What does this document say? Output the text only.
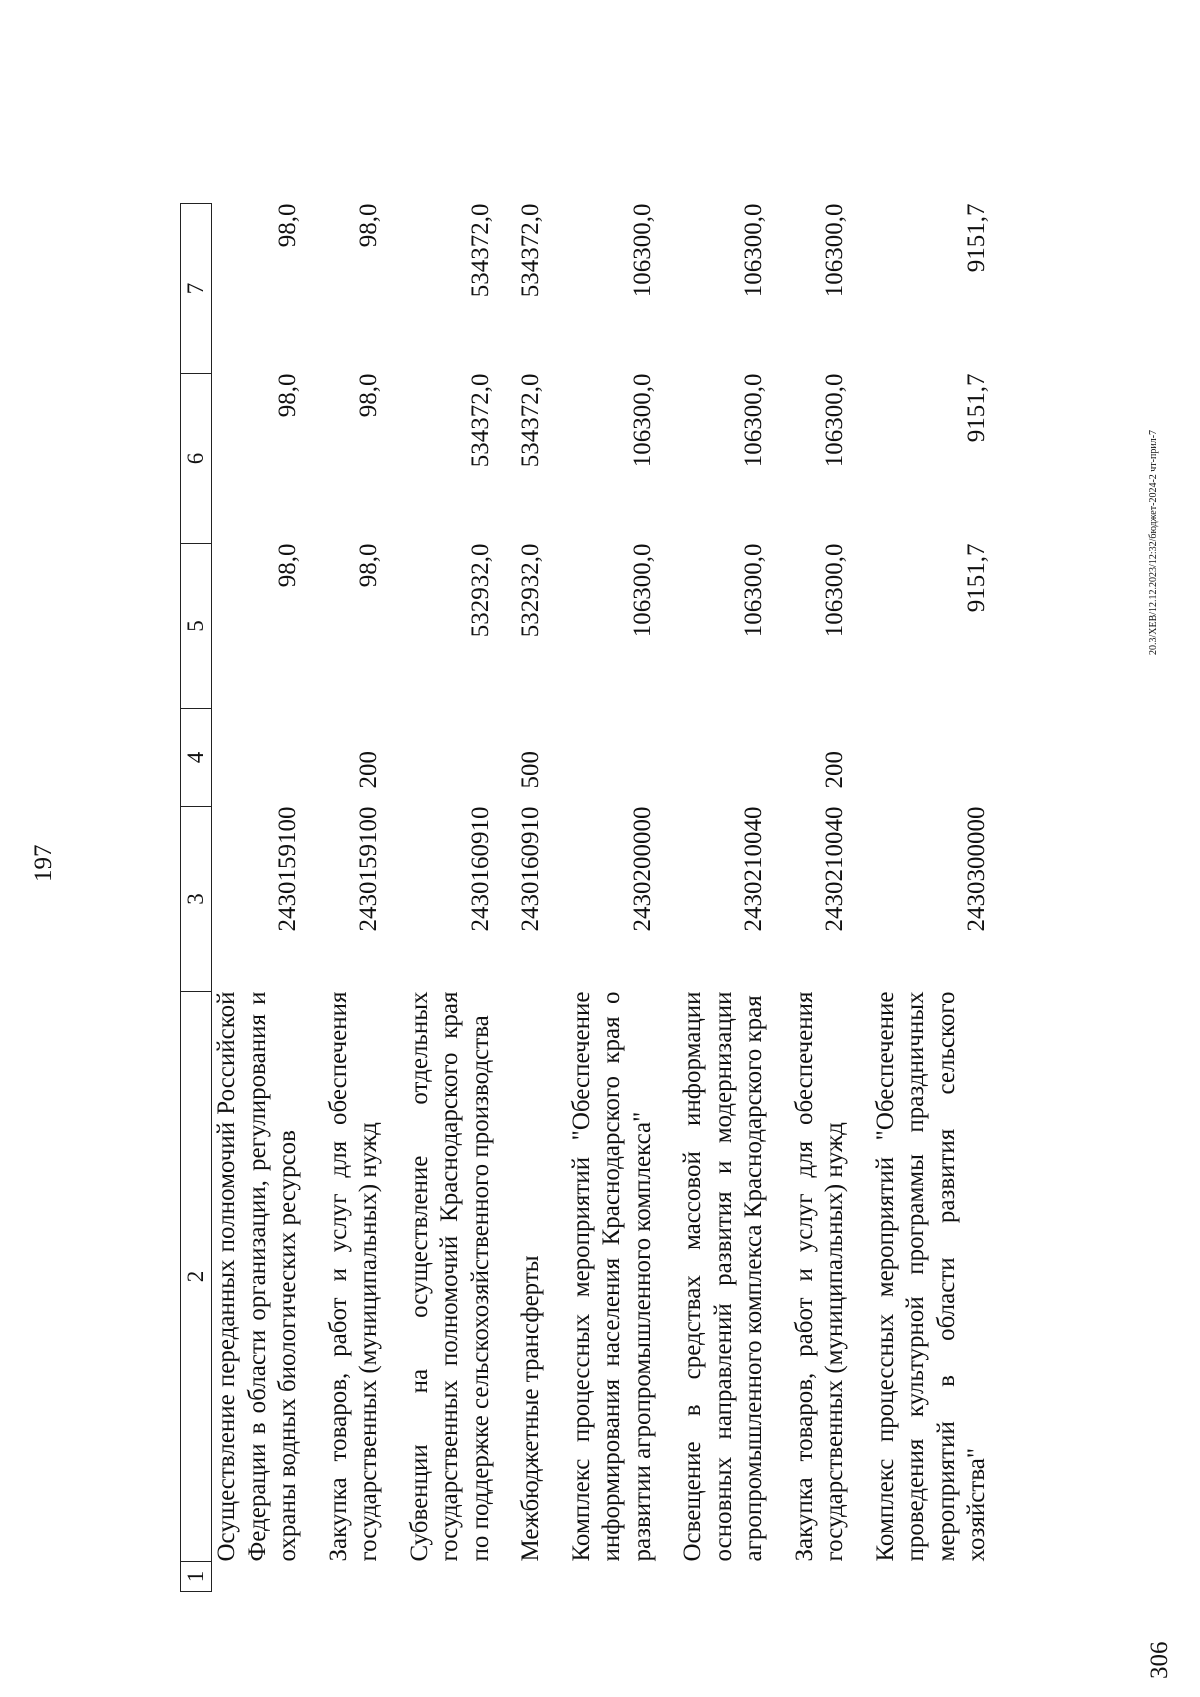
197
1	2	3	4	5	6	7
	Осуществление переданных полномочий Российской Федерации в области организации, регулирования и охраны водных биологических ресурсов	2430159100		98,0	98,0	98,0
	Закупка товаров, работ и услуг для обеспечения государственных (муниципальных) нужд	2430159100	200	98,0	98,0	98,0
	Субвенции на осуществление отдельных государственных полномочий Краснодарского края по поддержке сельскохозяйственного производства	2430160910		532932,0	534372,0	534372,0
	Межбюджетные трансферты	2430160910	500	532932,0	534372,0	534372,0
	Комплекс процессных мероприятий "Обеспечение информирования населения Краснодарского края о развитии агропромышленного комплекса"	2430200000		106300,0	106300,0	106300,0
	Освещение в средствах массовой информации основных направлений развития и модернизации агропромышленного комплекса Краснодарского края	2430210040		106300,0	106300,0	106300,0
	Закупка товаров, работ и услуг для обеспечения государственных (муниципальных) нужд	2430210040	200	106300,0	106300,0	106300,0
	Комплекс процессных мероприятий "Обеспечение проведения культурной программы праздничных мероприятий в области развития сельского хозяйства"	2430300000		9151,7	9151,7	9151,7
20.3/XEB/12.12.2023/12:32/бюджет-2024-2 чт-прил-7
306
